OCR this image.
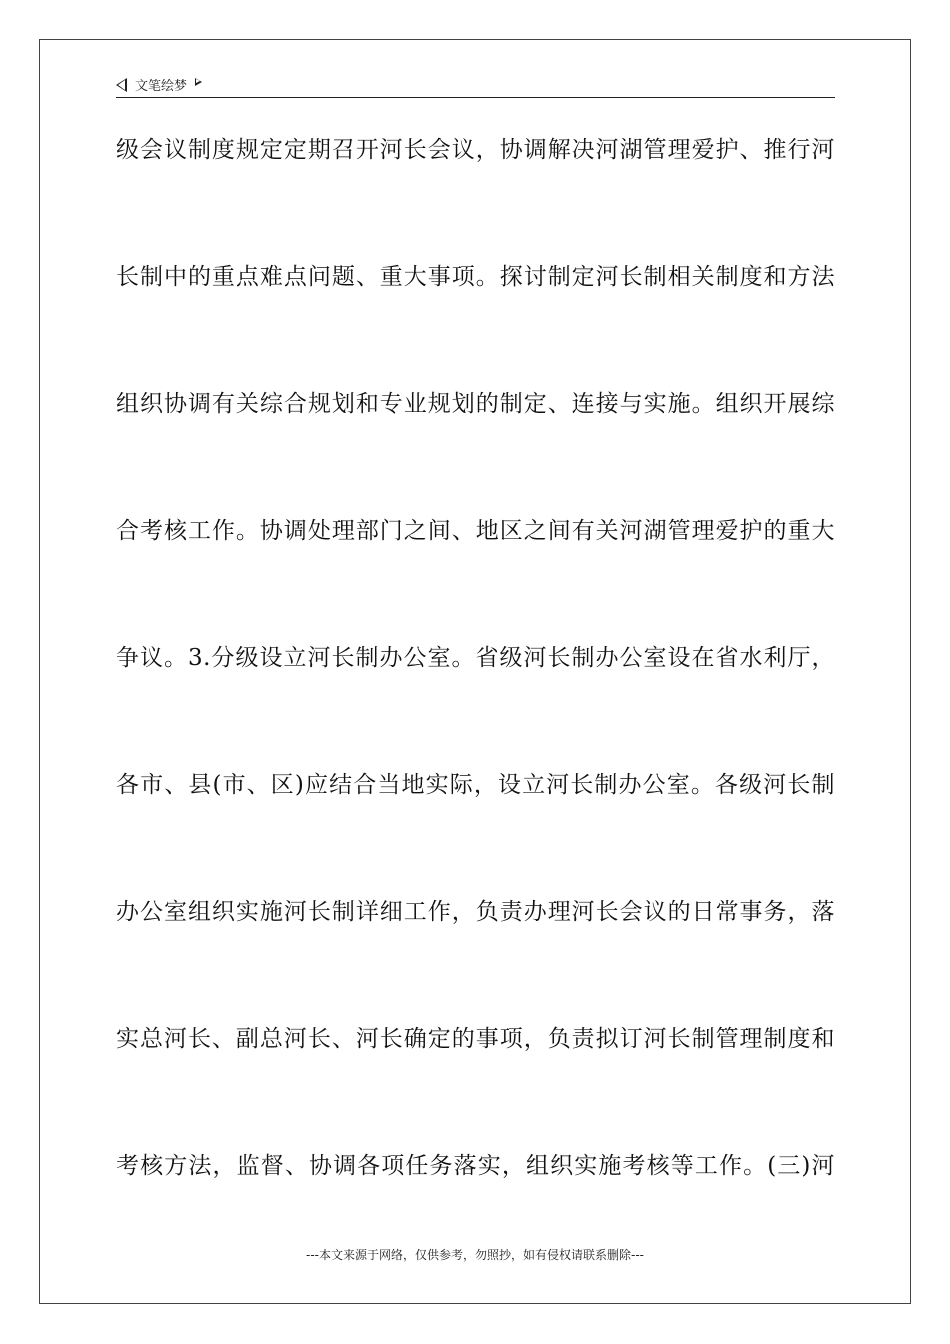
文笔绘梦
级会议制度规定定期召开河长会议，协调解决河湖管理爱护、推行河
长制中的重点难点问题、重大事项。探讨制定河长制相关制度和方法
组织协调有关综合规划和专业规划的制定、连接与实施。组织开展综
合考核工作。协调处理部门之间、地区之间有关河湖管理爱护的重大
争议。3.分级设立河长制办公室。省级河长制办公室设在省水利厅，
各市、县(市、区)应结合当地实际，设立河长制办公室。各级河长制
办公室组织实施河长制详细工作，负责办理河长会议的日常事务，落
实总河长、副总河长、河长确定的事项，负责拟订河长制管理制度和
考核方法，监督、协调各项任务落实，组织实施考核等工作。(三)河
---本文来源于网络，仅供参考，勿照抄，如有侵权请联系删除---
